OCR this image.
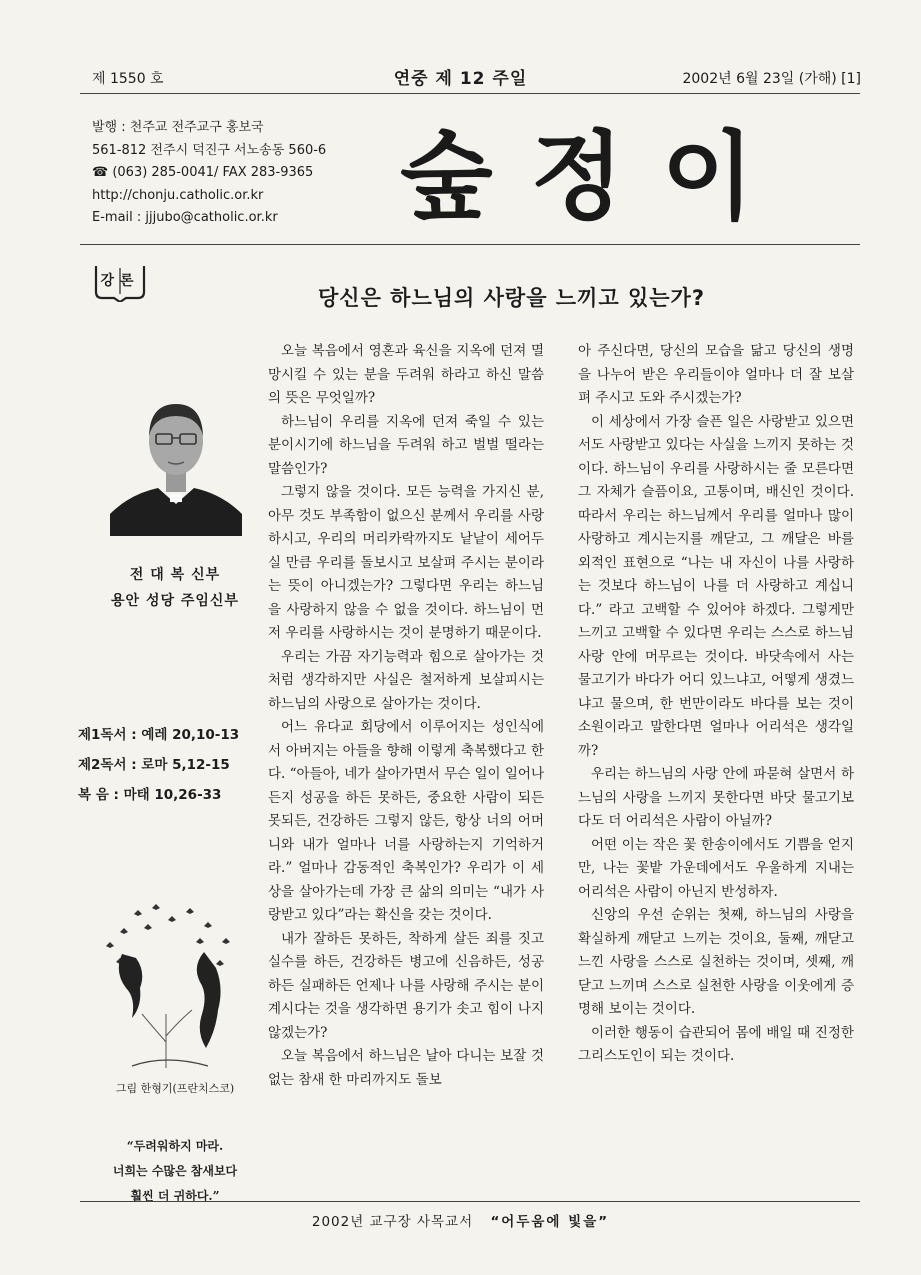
제 1550 호	연중 제 12 주일	2002년 6월 23일 (가해) [1]
발행 : 천주교 전주교구 홍보국
561-812 전주시 덕진구 서노송동 560-6
☎ (063) 285-0041/ FAX 283-9365
http://chonju.catholic.or.kr
E-mail : jjjubo@catholic.or.kr	숲정이
강론
당신은 하느님의 사랑을 느끼고 있는가?
전 대 복 신부
용안 성당 주임신부
제1독서 : 예레 20,10-13
제2독서 : 로마 5,12-15
복 음 : 마태 10,26-33
그림 한형기(프란치스코)
“두려워하지 마라.
너희는 수많은 참새보다
훨씬 더 귀하다.”

오늘 복음에서 영혼과 육신을 지옥에 던져 멸망시킬 수 있는 분을 두려워 하라고 하신 말씀의 뜻은 무엇일까?

하느님이 우리를 지옥에 던져 죽일 수 있는 분이시기에 하느님을 두려워 하고 벌벌 떨라는 말씀인가?

그렇지 않을 것이다. 모든 능력을 가지신 분, 아무 것도 부족함이 없으신 분께서 우리를 사랑하시고, 우리의 머리카락까지도 낱낱이 세어두실 만큼 우리를 돌보시고 보살펴 주시는 분이라는 뜻이 아니겠는가? 그렇다면 우리는 하느님을 사랑하지 않을 수 없을 것이다. 하느님이 먼저 우리를 사랑하시는 것이 분명하기 때문이다.

우리는 가끔 자기능력과 힘으로 살아가는 것처럼 생각하지만 사실은 철저하게 보살피시는 하느님의 사랑으로 살아가는 것이다.

어느 유다교 회당에서 이루어지는 성인식에서 아버지는 아들을 향해 이렇게 축복했다고 한다. “아들아, 네가 살아가면서 무슨 일이 일어나든지 성공을 하든 못하든, 중요한 사람이 되든 못되든, 건강하든 그렇지 않든, 항상 너의 어머니와 내가 얼마나 너를 사랑하는지 기억하거라.” 얼마나 감동적인 축복인가? 우리가 이 세상을 살아가는데 가장 큰 삶의 의미는 “내가 사랑받고 있다”라는 확신을 갖는 것이다.

내가 잘하든 못하든, 착하게 살든 죄를 짓고 실수를 하든, 건강하든 병고에 신음하든, 성공하든 실패하든 언제나 나를 사랑해 주시는 분이 계시다는 것을 생각하면 용기가 솟고 힘이 나지 않겠는가?

오늘 복음에서 하느님은 날아 다니는 보잘 것 없는 참새 한 마리까지도 돌보

아 주신다면, 당신의 모습을 닮고 당신의 생명을 나누어 받은 우리들이야 얼마나 더 잘 보살펴 주시고 도와 주시겠는가?

이 세상에서 가장 슬픈 일은 사랑받고 있으면서도 사랑받고 있다는 사실을 느끼지 못하는 것이다. 하느님이 우리를 사랑하시는 줄 모른다면 그 자체가 슬픔이요, 고통이며, 배신인 것이다. 따라서 우리는 하느님께서 우리를 얼마나 많이 사랑하고 계시는지를 깨닫고, 그 깨달은 바를 외적인 표현으로 “나는 내 자신이 나를 사랑하는 것보다 하느님이 나를 더 사랑하고 계십니다.” 라고 고백할 수 있어야 하겠다. 그렇게만 느끼고 고백할 수 있다면 우리는 스스로 하느님 사랑 안에 머무르는 것이다. 바닷속에서 사는 물고기가 바다가 어디 있느냐고, 어떻게 생겼느냐고 물으며, 한 번만이라도 바다를 보는 것이 소원이라고 말한다면 얼마나 어리석은 생각일까?

우리는 하느님의 사랑 안에 파묻혀 살면서 하느님의 사랑을 느끼지 못한다면 바닷 물고기보다도 더 어리석은 사람이 아닐까?

어떤 이는 작은 꽃 한송이에서도 기쁨을 얻지만, 나는 꽃밭 가운데에서도 우울하게 지내는 어리석은 사람이 아닌지 반성하자.

신앙의 우선 순위는 첫째, 하느님의 사랑을 확실하게 깨닫고 느끼는 것이요, 둘째, 깨닫고 느낀 사랑을 스스로 실천하는 것이며, 셋째, 깨닫고 느끼며 스스로 실천한 사랑을 이웃에게 증명해 보이는 것이다.

이러한 행동이 습관되어 몸에 배일 때 진정한 그리스도인이 되는 것이다.

2002년 교구장 사목교서 “어두움에 빛을”
